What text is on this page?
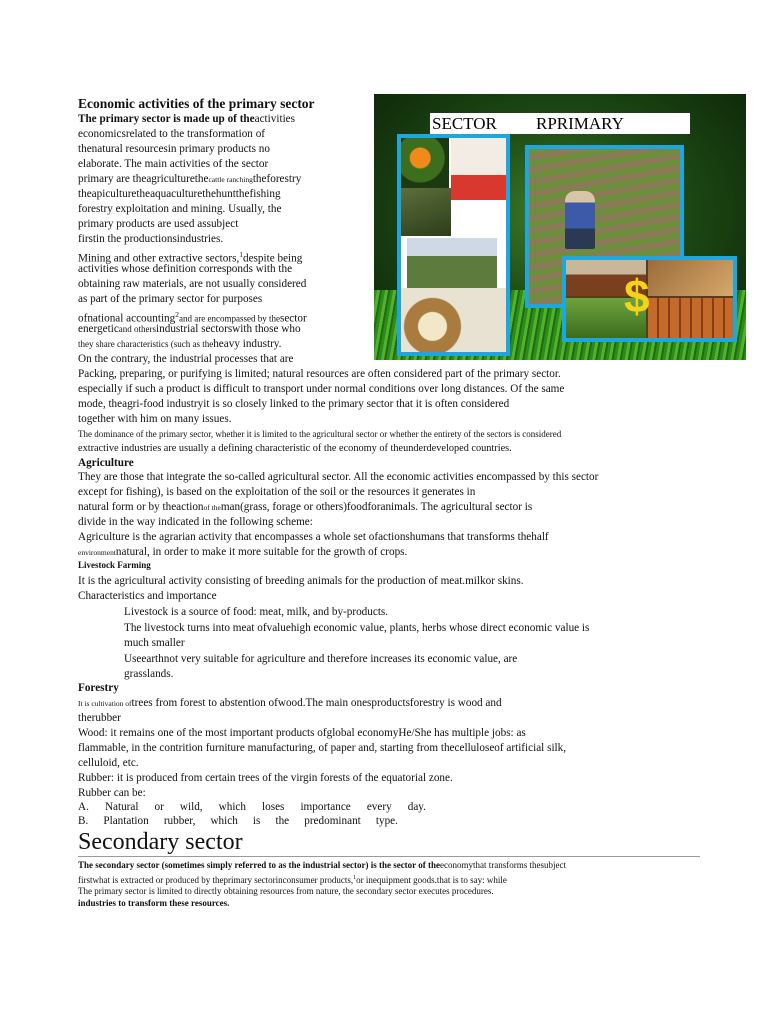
Economic activities of the primary sector
The primary sector is made up of theactivities
economicsrelated to the transformation of
thenatural resourcesin primary products no
elaborate. The main activities of the sector
primary are theagriculturethecattle ranchingtheforestry
theapiculturetheaquaculturethehuntthefishing
forestry exploitation and mining. Usually, the
primary products are used assubject
firstin the productionsindustries.
Mining and other extractive sectors,$^1$despite being
activities whose definition corresponds with the
obtaining raw materials, are not usually considered
as part of the primary sector for purposes
ofnational accounting$^2$and are encompassed by thesector
energeticand othersindustrial sectorswith those who
they share characteristics (such as theheavy industry.
On the contrary, the industrial processes that are
Packing, preparing, or purifying is limited; natural resources are often considered part of the primary sector.
especially if such a product is difficult to transport under normal conditions over long distances. Of the same
mode, theagri-food industryit is so closely linked to the primary sector that it is often considered
together with him on many issues.
The dominance of the primary sector, whether it is limited to the agricultural sector or whether the entirety of the sectors is considered
extractive industries are usually a defining characteristic of the economy of theunderdeveloped countries.
Agriculture
They are those that integrate the so-called agricultural sector. All the economic activities encompassed by this sector
except for fishing), is based on the exploitation of the soil or the resources it generates in
natural form or by theactionof theman(grass, forage or others)foodforanimals. The agricultural sector is
divide in the way indicated in the following scheme:
Agriculture is the agrarian activity that encompasses a whole set ofactionshumans that transforms thehalf
environmentnatural, in order to make it more suitable for the growth of crops.
Livestock Farming
It is the agricultural activity consisting of breeding animals for the production of meat.milkor skins.
Characteristics and importance
Livestock is a source of food: meat, milk, and by-products.
The livestock turns into meat ofvaluehigh economic value, plants, herbs whose direct economic value is
much smaller
Useearthnot very suitable for agriculture and therefore increases its economic value, are
grasslands.
Forestry
It is cultivation oftrees from forest to abstention ofwood.The main onesproductsforestry is wood and
therubber
Wood: it remains one of the most important products ofglobal economyHe/She has multiple jobs: as
flammable, in the contrition furniture manufacturing, of paper and, starting from thecelluloseof artificial silk,
celluloid, etc.
Rubber: it is produced from certain trees of the virgin forests of the equatorial zone.
Rubber can be:
A. Natural or wild, which loses importance every day.
B. Plantation rubber, which is the predominant type.
Secondary sector
The secondary sector (sometimes simply referred to as the industrial sector) is the sector of theeconomythat transforms thesubject
firstwhat is extracted or produced by theprimary sectorinconsumer products,$^1$or inequipment goods.that is to say: while
The primary sector is limited to directly obtaining resources from nature, the secondary sector executes procedures.
industries to transform these resources.
SECTOR RPRIMARY
$
